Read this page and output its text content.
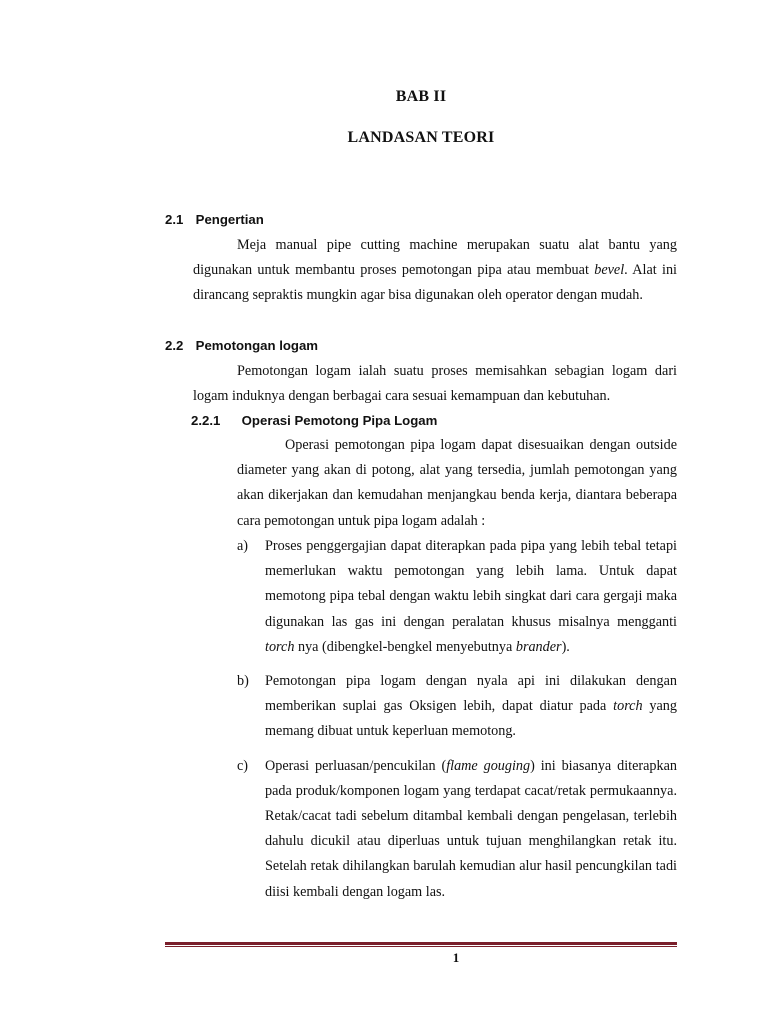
BAB II
LANDASAN TEORI
2.1 Pengertian

Meja manual pipe cutting machine merupakan suatu alat bantu yang digunakan untuk membantu proses pemotongan pipa atau membuat bevel. Alat ini dirancang sepraktis mungkin agar bisa digunakan oleh operator dengan mudah.

2.2 Pemotongan logam

Pemotongan logam ialah suatu proses memisahkan sebagian logam dari logam induknya dengan berbagai cara sesuai kemampuan dan kebutuhan.

2.2.1 Operasi Pemotong Pipa Logam

Operasi pemotongan pipa logam dapat disesuaikan dengan outside diameter yang akan di potong, alat yang tersedia, jumlah pemotongan yang akan dikerjakan dan kemudahan menjangkau benda kerja, diantara beberapa cara pemotongan untuk pipa logam adalah :

a) Proses penggergajian dapat diterapkan pada pipa yang lebih tebal tetapi memerlukan waktu pemotongan yang lebih lama. Untuk dapat memotong pipa tebal dengan waktu lebih singkat dari cara gergaji maka digunakan las gas ini dengan peralatan khusus misalnya mengganti torch nya (dibengkel-bengkel menyebutnya brander).
b) Pemotongan pipa logam dengan nyala api ini dilakukan dengan memberikan suplai gas Oksigen lebih, dapat diatur pada torch yang memang dibuat untuk keperluan memotong.
c) Operasi perluasan/pencukilan (flame gouging) ini biasanya diterapkan pada produk/komponen logam yang terdapat cacat/retak permukaannya. Retak/cacat tadi sebelum ditambal kembali dengan pengelasan, terlebih dahulu dicukil atau diperluas untuk tujuan menghilangkan retak itu. Setelah retak dihilangkan barulah kemudian alur hasil pencungkilan tadi diisi kembali dengan logam las.
1
